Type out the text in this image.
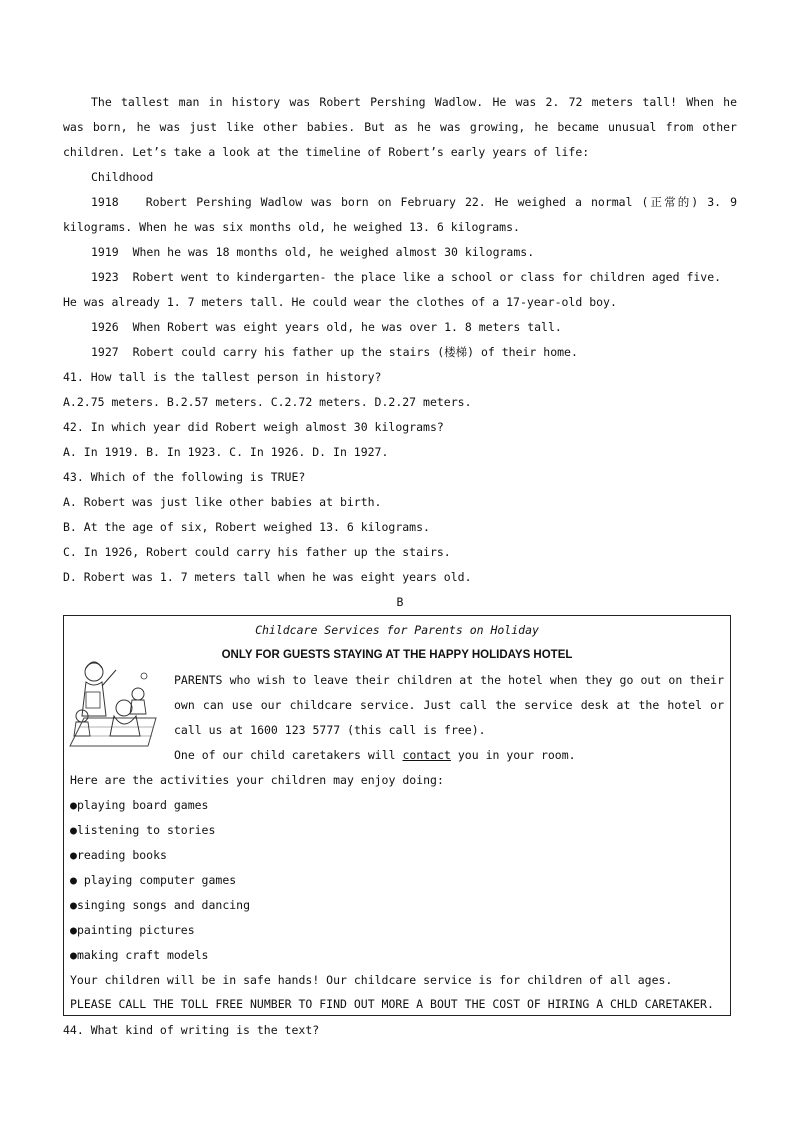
The tallest man in history was Robert Pershing Wadlow. He was 2. 72 meters tall! When he
was born, he was just like other babies. But as he was growing, he became unusual from other
children. Let’s take a look at the timeline of Robert’s early years of life:
Childhood
1918 Robert Pershing Wadlow was born on February 22. He weighed a normal (正常的) 3. 9
kilograms. When he was six months old, he weighed 13. 6 kilograms.
1919 When he was 18 months old, he weighed almost 30 kilograms.
1923 Robert went to kindergarten- the place like a school or class for children aged five.
He was already 1. 7 meters tall. He could wear the clothes of a 17-year-old boy.
1926 When Robert was eight years old, he was over 1. 8 meters tall.
1927 Robert could carry his father up the stairs (楼梯) of their home.
41. How tall is the tallest person in history?
A.2.75 meters. B.2.57 meters. C.2.72 meters. D.2.27 meters.
42. In which year did Robert weigh almost 30 kilograms?
A. In 1919. B. In 1923. C. In 1926. D. In 1927.
43. Which of the following is TRUE?
A. Robert was just like other babies at birth.
B. At the age of six, Robert weighed 13. 6 kilograms.
C. In 1926, Robert could carry his father up the stairs.
D. Robert was 1. 7 meters tall when he was eight years old.
B
Childcare Services for Parents on Holiday
ONLY FOR GUESTS STAYING AT THE HAPPY HOLIDAYS HOTEL
PARENTS who wish to leave their children at the hotel when they go out on their
own can use our childcare service. Just call the service desk at the hotel or
call us at 1600 123 5777 (this call is free).
One of our child caretakers will contact you in your room.
Here are the activities your children may enjoy doing:
●playing board games
●listening to stories
●reading books
● playing computer games
●singing songs and dancing
●painting pictures
●making craft models
Your children will be in safe hands! Our childcare service is for children of all ages.
PLEASE CALL THE TOLL FREE NUMBER TO FIND OUT MORE A BOUT THE COST OF HIRING A CHLD CARETAKER.
44. What kind of writing is the text?
